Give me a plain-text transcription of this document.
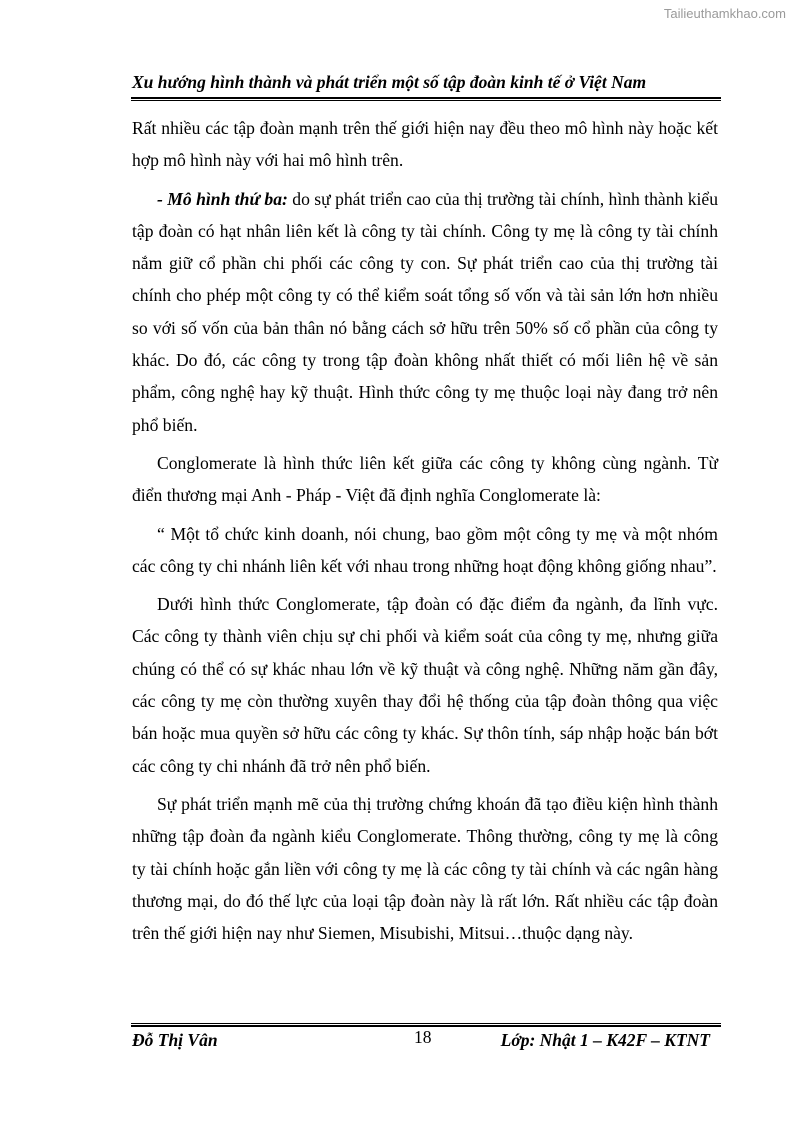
Tailieuthamkhao.com
Xu hướng hình thành và phát triển một số tập đoàn kinh tế ở Việt Nam

Rất nhiều các tập đoàn mạnh trên thế giới hiện nay đều theo mô hình này hoặc kết hợp mô hình này với hai mô hình trên.

- Mô hình thứ ba: do sự phát triển cao của thị trường tài chính, hình thành kiểu tập đoàn có hạt nhân liên kết là công ty tài chính. Công ty mẹ là công ty tài chính nắm giữ cổ phần chi phối các công ty con. Sự phát triển cao của thị trường tài chính cho phép một công ty có thể kiểm soát tổng số vốn và tài sản lớn hơn nhiều so với số vốn của bản thân nó bằng cách sở hữu trên 50% số cổ phần của công ty khác. Do đó, các công ty trong tập đoàn không nhất thiết có mối liên hệ về sản phẩm, công nghệ hay kỹ thuật. Hình thức công ty mẹ thuộc loại này đang trở nên phổ biến.

Conglomerate là hình thức liên kết giữa các công ty không cùng ngành. Từ điển thương mại Anh - Pháp - Việt đã định nghĩa Conglomerate là:

“ Một tổ chức kinh doanh, nói chung, bao gồm một công ty mẹ và một nhóm các công ty chi nhánh liên kết với nhau trong những hoạt động không giống nhau”.

Dưới hình thức Conglomerate, tập đoàn có đặc điểm đa ngành, đa lĩnh vực. Các công ty thành viên chịu sự chi phối và kiểm soát của công ty mẹ, nhưng giữa chúng có thể có sự khác nhau lớn về kỹ thuật và công nghệ. Những năm gần đây, các công ty mẹ còn thường xuyên thay đổi hệ thống của tập đoàn thông qua việc bán hoặc mua quyền sở hữu các công ty khác. Sự thôn tính, sáp nhập hoặc bán bớt các công ty chi nhánh đã trở nên phổ biến.

Sự phát triển mạnh mẽ của thị trường chứng khoán đã tạo điều kiện hình thành những tập đoàn đa ngành kiểu Conglomerate. Thông thường, công ty mẹ là công ty tài chính hoặc gắn liền với công ty mẹ là các công ty tài chính và các ngân hàng thương mại, do đó thế lực của loại tập đoàn này là rất lớn. Rất nhiều các tập đoàn trên thế giới hiện nay như Siemen, Misubishi, Mitsui…thuộc dạng này.

Đỗ Thị Vân	18	Lớp: Nhật 1 – K42F – KTNT
